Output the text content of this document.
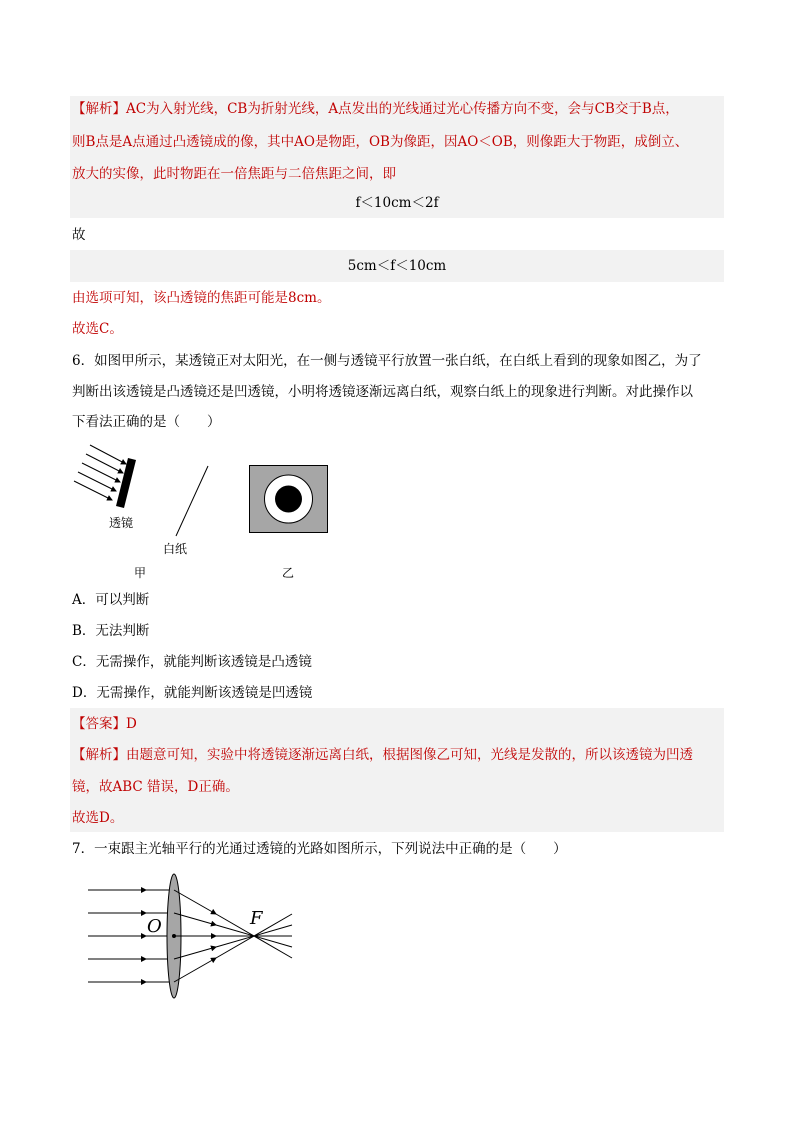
【解析】AC为入射光线，CB为折射光线，A点发出的光线通过光心传播方向不变，会与CB交于B点，
则B点是A点通过凸透镜成的像，其中AO是物距，OB为像距，因AO＜OB，则像距大于物距，成倒立、
放大的实像，此时物距在一倍焦距与二倍焦距之间，即
f＜10cm＜2f
故
5cm＜f＜10cm
由选项可知，该凸透镜的焦距可能是8cm。
故选C。
6．如图甲所示，某透镜正对太阳光，在一侧与透镜平行放置一张白纸，在白纸上看到的现象如图乙，为了
判断出该透镜是凸透镜还是凹透镜，小明将透镜逐渐远离白纸，观察白纸上的现象进行判断。对此操作以
下看法正确的是（　　）
透镜
白纸
甲	乙
A．可以判断
B．无法判断
C．无需操作，就能判断该透镜是凸透镜
D．无需操作，就能判断该透镜是凹透镜
【答案】D
【解析】由题意可知，实验中将透镜逐渐远离白纸，根据图像乙可知，光线是发散的，所以该透镜为凹透
镜，故ABC 错误，D正确。
故选D。
7．一束跟主光轴平行的光通过透镜的光路如图所示，下列说法中正确的是（　　）
O	F
